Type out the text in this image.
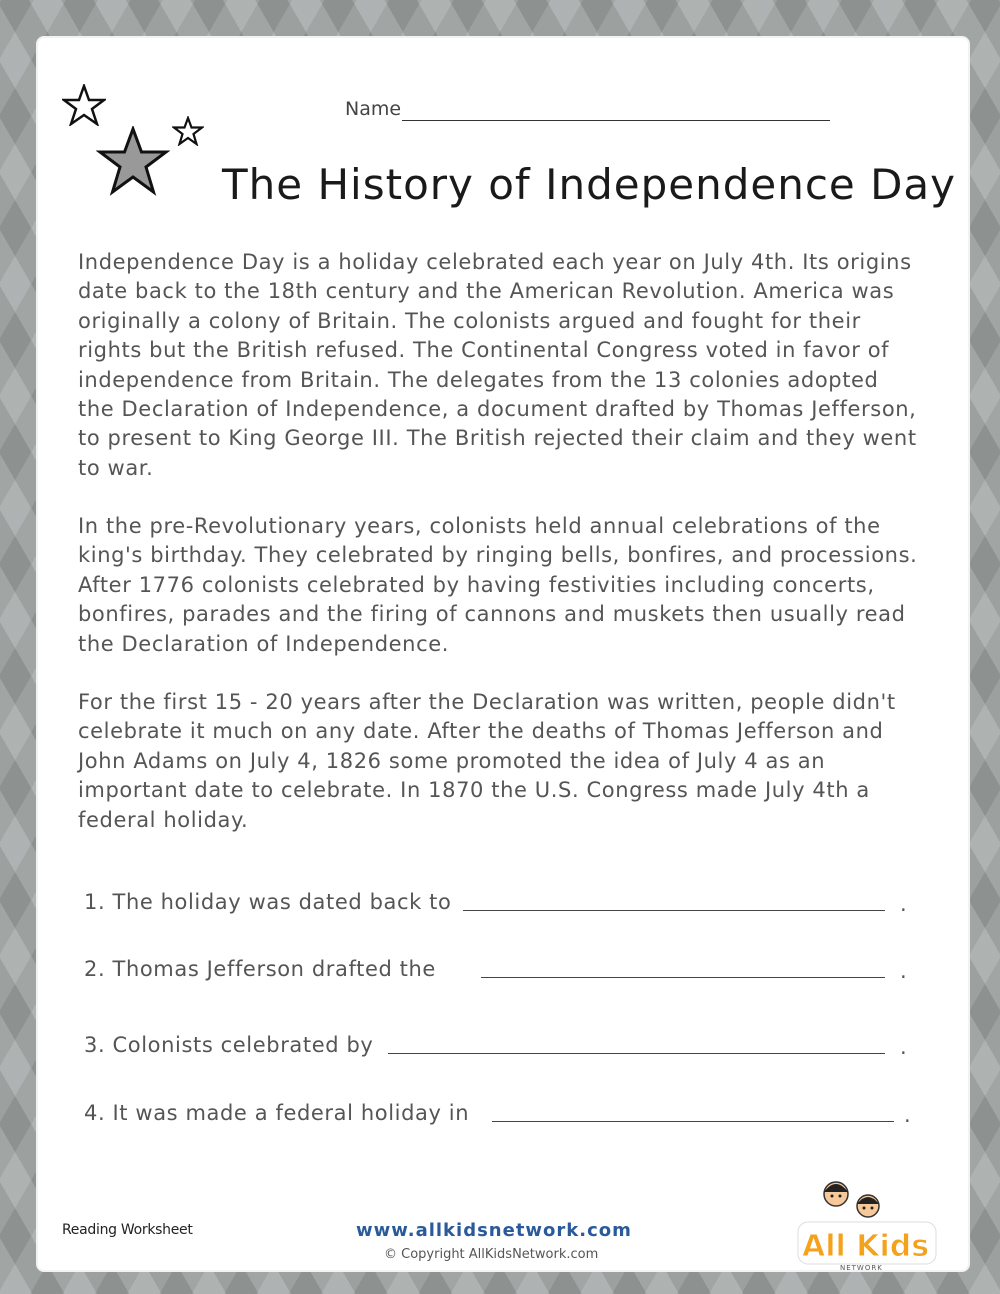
Name
The History of Independence Day

Independence Day is a holiday celebrated each year on July 4th. Its origins date back to the 18th century and the American Revolution. America was originally a colony of Britain. The colonists argued and fought for their rights but the British refused. The Continental Congress voted in favor of independence from Britain. The delegates from the 13 colonies adopted the Declaration of Independence, a document drafted by Thomas Jefferson, to present to King George III. The British rejected their claim and they went to war.

In the pre-Revolutionary years, colonists held annual celebrations of the king's birthday. They celebrated by ringing bells, bonfires, and processions. After 1776 colonists celebrated by having festivities including concerts, bonfires, parades and the firing of cannons and muskets then usually read the Declaration of Independence.

For the first 15 - 20 years after the Declaration was written, people didn't celebrate it much on any date. After the deaths of Thomas Jefferson and John Adams on July 4, 1826 some promoted the idea of July 4 as an important date to celebrate. In 1870 the U.S. Congress made July 4th a federal holiday.

1. The holiday was dated back to	.
2. Thomas Jefferson drafted the	.
3. Colonists celebrated by	.
4. It was made a federal holiday in	.
Reading Worksheet	www.allkidsnetwork.com
© Copyright AllKidsNetwork.com	All Kids
NETWORK
